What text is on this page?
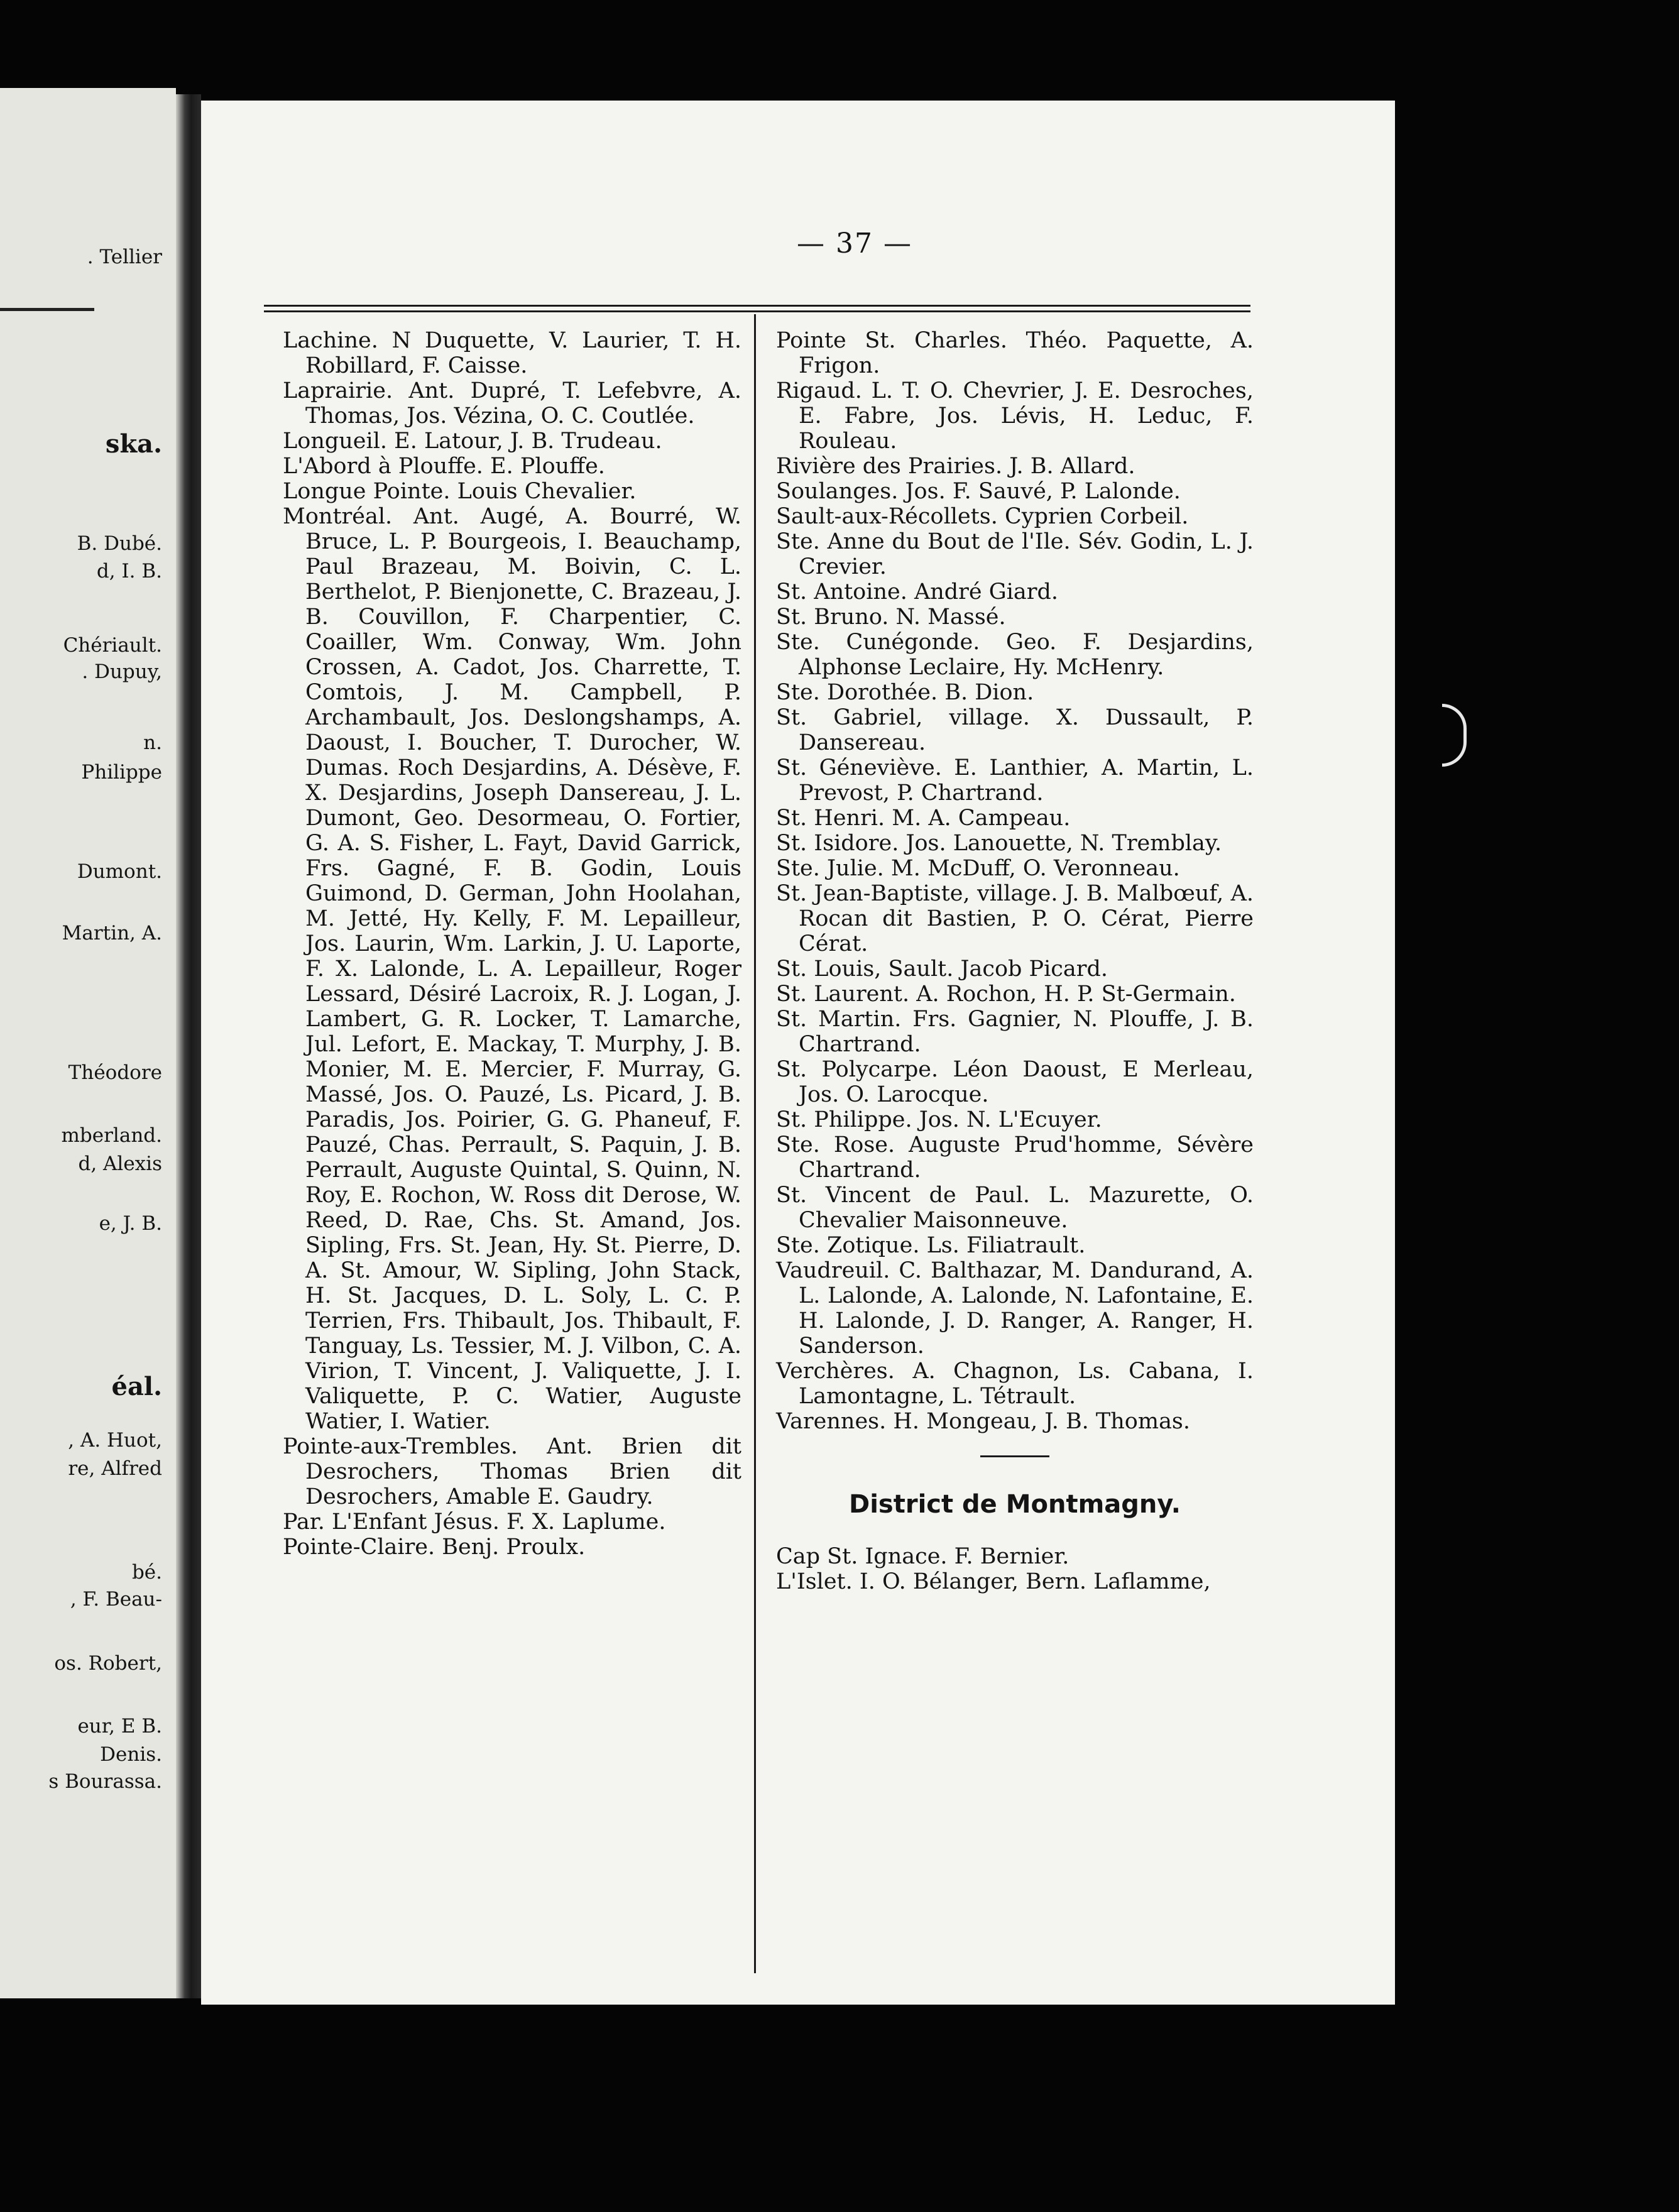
. Tellier
ska.
B. Dubé.
d, I. B.
Chériault.
. Dupuy,
n.
Philippe
Dumont.
Martin, A.
Théodore
mberland.
d, Alexis
e, J. B.
éal.
, A. Huot,
re, Alfred
bé.
, F. Beau-
os. Robert,
eur, E B.
Denis.
s Bourassa.
— 37 —

Lachine. N Duquette, V. Laurier, T. H. Robillard, F. Caisse.

Laprairie. Ant. Dupré, T. Lefebvre, A. Thomas, Jos. Vézina, O. C. Coutlée.

Longueil. E. Latour, J. B. Trudeau.

L'Abord à Plouffe. E. Plouffe.

Longue Pointe. Louis Chevalier.

Montréal. Ant. Augé, A. Bourré, W. Bruce, L. P. Bourgeois, I. Beauchamp, Paul Brazeau, M. Boivin, C. L. Berthelot, P. Bienjonette, C. Brazeau, J. B. Couvillon, F. Charpentier, C. Coailler, Wm. Conway, Wm. John Crossen, A. Cadot, Jos. Charrette, T. Comtois, J. M. Campbell, P. Archambault, Jos. Deslongshamps, A. Daoust, I. Boucher, T. Durocher, W. Dumas. Roch Desjardins, A. Désève, F. X. Desjardins, Joseph Dansereau, J. L. Dumont, Geo. Desormeau, O. Fortier, G. A. S. Fisher, L. Fayt, David Garrick, Frs. Gagné, F. B. Godin, Louis Guimond, D. German, John Hoolahan, M. Jetté, Hy. Kelly, F. M. Lepailleur, Jos. Laurin, Wm. Larkin, J. U. Laporte, F. X. Lalonde, L. A. Lepailleur, Roger Lessard, Désiré Lacroix, R. J. Logan, J. Lambert, G. R. Locker, T. Lamarche, Jul. Lefort, E. Mackay, T. Murphy, J. B. Monier, M. E. Mercier, F. Murray, G. Massé, Jos. O. Pauzé, Ls. Picard, J. B. Paradis, Jos. Poirier, G. G. Phaneuf, F. Pauzé, Chas. Perrault, S. Paquin, J. B. Perrault, Auguste Quintal, S. Quinn, N. Roy, E. Rochon, W. Ross dit Derose, W. Reed, D. Rae, Chs. St. Amand, Jos. Sipling, Frs. St. Jean, Hy. St. Pierre, D. A. St. Amour, W. Sipling, John Stack, H. St. Jacques, D. L. Soly, L. C. P. Terrien, Frs. Thibault, Jos. Thibault, F. Tanguay, Ls. Tessier, M. J. Vilbon, C. A. Virion, T. Vincent, J. Valiquette, J. I. Valiquette, P. C. Watier, Auguste Watier, I. Watier.

Pointe-aux-Trembles. Ant. Brien dit Desrochers, Thomas Brien dit Desrochers, Amable E. Gaudry.

Par. L'Enfant Jésus. F. X. Laplume.

Pointe-Claire. Benj. Proulx.

Pointe St. Charles. Théo. Paquette, A. Frigon.

Rigaud. L. T. O. Chevrier, J. E. Desroches, E. Fabre, Jos. Lévis, H. Leduc, F. Rouleau.

Rivière des Prairies. J. B. Allard.

Soulanges. Jos. F. Sauvé, P. Lalonde.

Sault-aux-Récollets. Cyprien Corbeil.

Ste. Anne du Bout de l'Ile. Sév. Godin, L. J. Crevier.

St. Antoine. André Giard.

St. Bruno. N. Massé.

Ste. Cunégonde. Geo. F. Desjardins, Alphonse Leclaire, Hy. McHenry.

Ste. Dorothée. B. Dion.

St. Gabriel, village. X. Dussault, P. Dansereau.

St. Géneviève. E. Lanthier, A. Martin, L. Prevost, P. Chartrand.

St. Henri. M. A. Campeau.

St. Isidore. Jos. Lanouette, N. Tremblay.

Ste. Julie. M. McDuff, O. Veronneau.

St. Jean-Baptiste, village. J. B. Malbœuf, A. Rocan dit Bastien, P. O. Cérat, Pierre Cérat.

St. Louis, Sault. Jacob Picard.

St. Laurent. A. Rochon, H. P. St-Germain.

St. Martin. Frs. Gagnier, N. Plouffe, J. B. Chartrand.

St. Polycarpe. Léon Daoust, E Merleau, Jos. O. Larocque.

St. Philippe. Jos. N. L'Ecuyer.

Ste. Rose. Auguste Prud'homme, Sévère Chartrand.

St. Vincent de Paul. L. Mazurette, O. Chevalier Maisonneuve.

Ste. Zotique. Ls. Filiatrault.

Vaudreuil. C. Balthazar, M. Dandurand, A. L. Lalonde, A. Lalonde, N. Lafontaine, E. H. Lalonde, J. D. Ranger, A. Ranger, H. Sanderson.

Verchères. A. Chagnon, Ls. Cabana, I. Lamontagne, L. Tétrault.

Varennes. H. Mongeau, J. B. Thomas.

District de Montmagny.

Cap St. Ignace. F. Bernier.

L'Islet. I. O. Bélanger, Bern. Laflamme,
